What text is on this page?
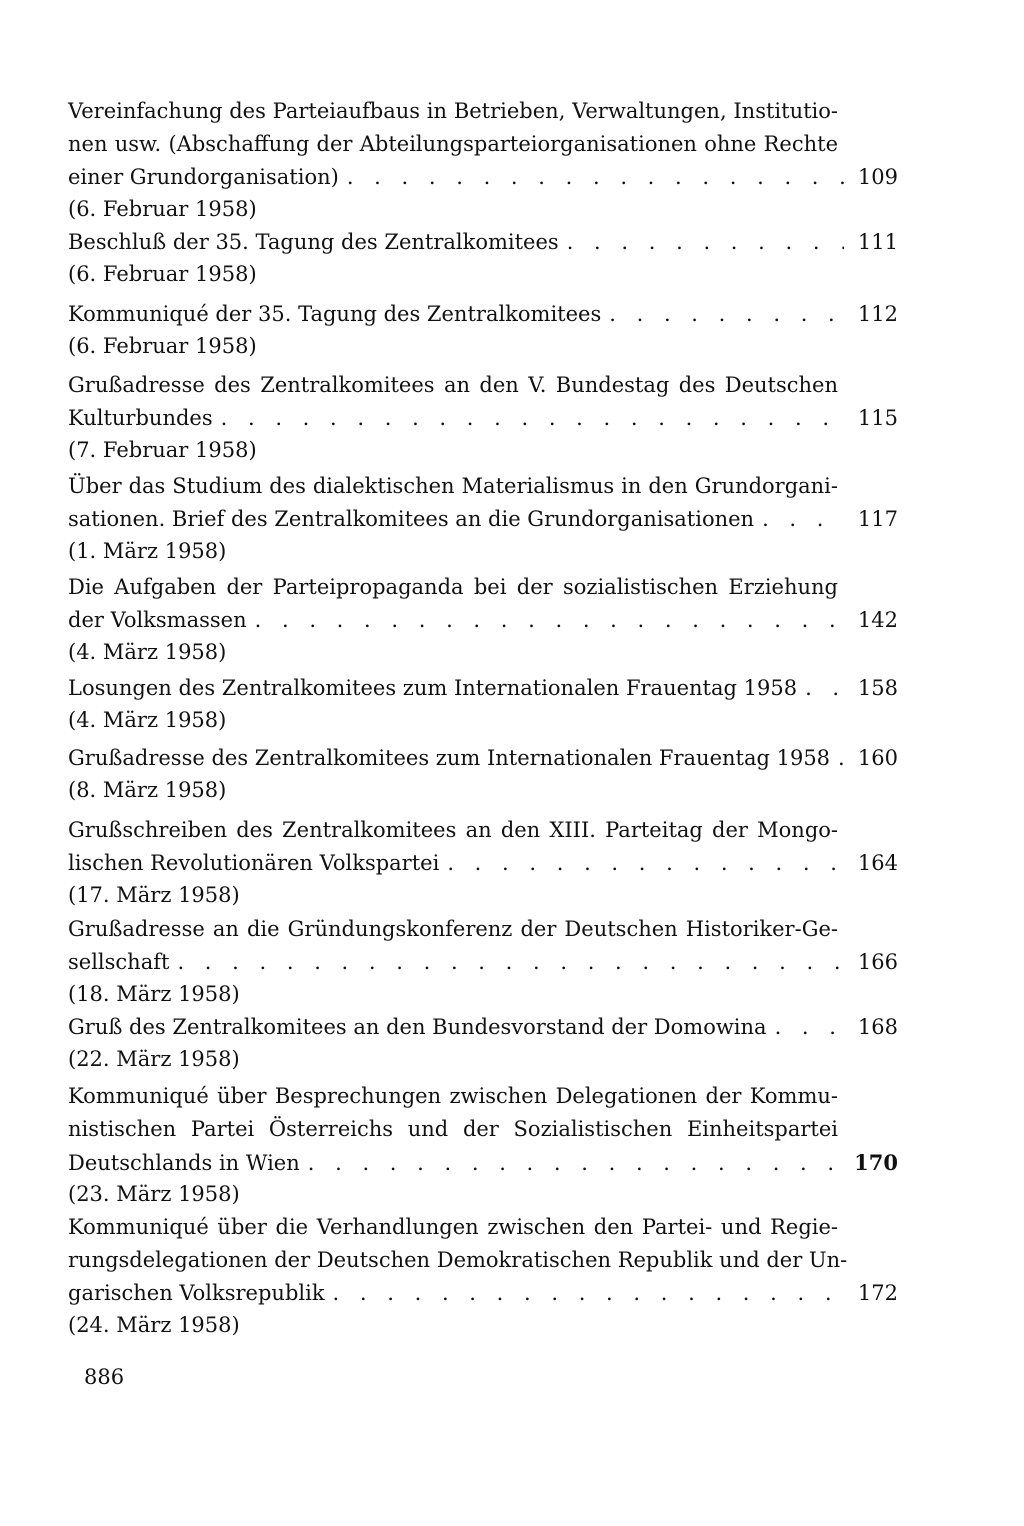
Vereinfachung des Parteiaufbaus in Betrieben, Verwaltungen, Institutio-
nen usw. (Abschaffung der Abteilungsparteiorganisationen ohne Rechte
einer Grundorganisation) . . .	109
(6. Februar 1958)
Beschluß der 35. Tagung des Zentralkomitees . . .	111
(6. Februar 1958)
Kommuniqué der 35. Tagung des Zentralkomitees . . .	112
(6. Februar 1958)
Grußadresse des Zentralkomitees an den V. Bundestag des Deutschen
Kulturbundes . . .	115
(7. Februar 1958)
Über das Studium des dialektischen Materialismus in den Grundorgani-
sationen. Brief des Zentralkomitees an die Grundorganisationen . . .	117
(1. März 1958)
Die Aufgaben der Parteipropaganda bei der sozialistischen Erziehung
der Volksmassen . . .	142
(4. März 1958)
Losungen des Zentralkomitees zum Internationalen Frauentag 1958 . . .	158
(4. März 1958)
Grußadresse des Zentralkomitees zum Internationalen Frauentag 1958 . . .	160
(8. März 1958)
Grußschreiben des Zentralkomitees an den XIII. Parteitag der Mongo-
lischen Revolutionären Volkspartei . . .	164
(17. März 1958)
Grußadresse an die Gründungskonferenz der Deutschen Historiker-Ge-
sellschaft . . .	166
(18. März 1958)
Gruß des Zentralkomitees an den Bundesvorstand der Domowina . . .	168
(22. März 1958)
Kommuniqué über Besprechungen zwischen Delegationen der Kommu-
nistischen Partei Österreichs und der Sozialistischen Einheitspartei
Deutschlands in Wien . . .	170
(23. März 1958)
Kommuniqué über die Verhandlungen zwischen den Partei- und Regie-
rungsdelegationen der Deutschen Demokratischen Republik und der Un-
garischen Volksrepublik . . .	172
(24. März 1958)
886
